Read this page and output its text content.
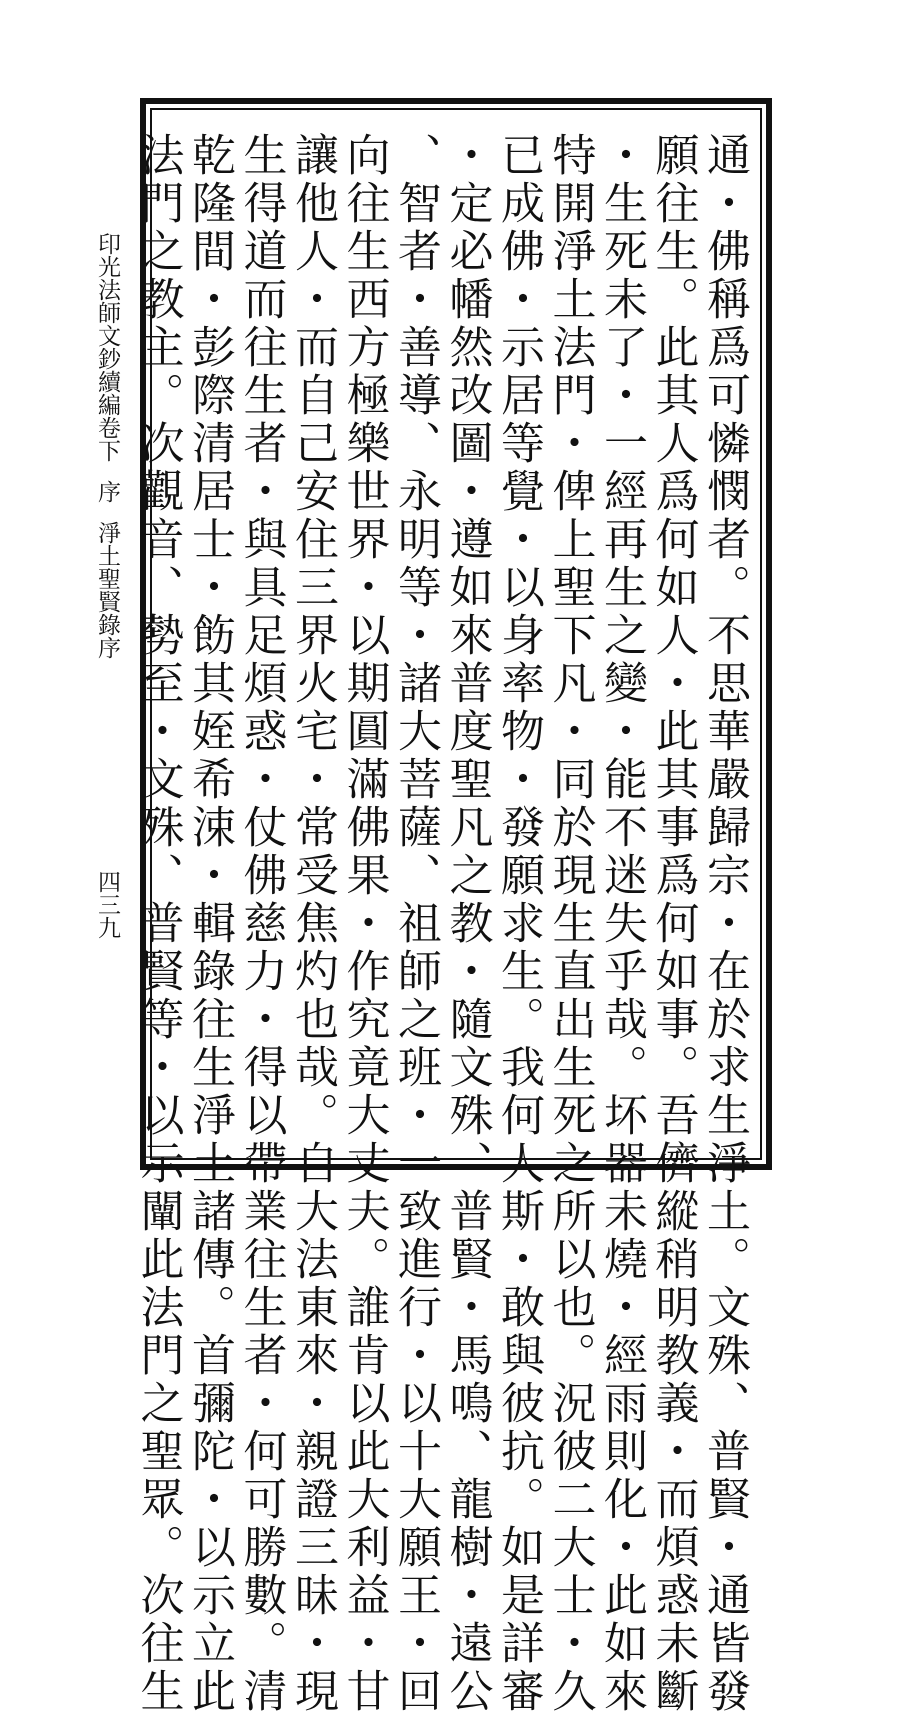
印光法師文鈔續編卷下序淨土聖賢錄序
四三九	通・佛稱爲可憐憫者。不思華嚴歸宗・在於求生淨土。文殊、普賢・通皆發
願往生。此其人爲何如人・此其事爲何如事。吾儕縱稍明教義・而煩惑未斷
・生死未了・一經再生之變・能不迷失乎哉。坏器未燒・經雨則化・此如來
特開淨土法門・俾上聖下凡・同於現生直出生死之所以也。況彼二大士・久
已成佛・示居等覺・以身率物・發願求生。我何人斯・敢與彼抗。如是詳審
・定必幡然改圖・遵如來普度聖凡之教・隨文殊、普賢・馬鳴、龍樹・遠公
、智者・善導、永明等・諸大菩薩、祖師之班・一致進行・以十大願王・回
向往生西方極樂世界・以期圓滿佛果・作究竟大丈夫。誰肯以此大利益・甘
讓他人・而自己安住三界火宅・常受焦灼也哉。自大法東來・親證三昧・現
生得道而往生者・與具足煩惑・仗佛慈力・得以帶業往生者・何可勝數。清
乾隆間・彭際清居士・飭其姪希涑・輯錄往生淨土諸傳。首彌陀・以示立此
法門之教主。次觀音、勢至・文殊、普賢等・以示闡此法門之聖眾。次往生
